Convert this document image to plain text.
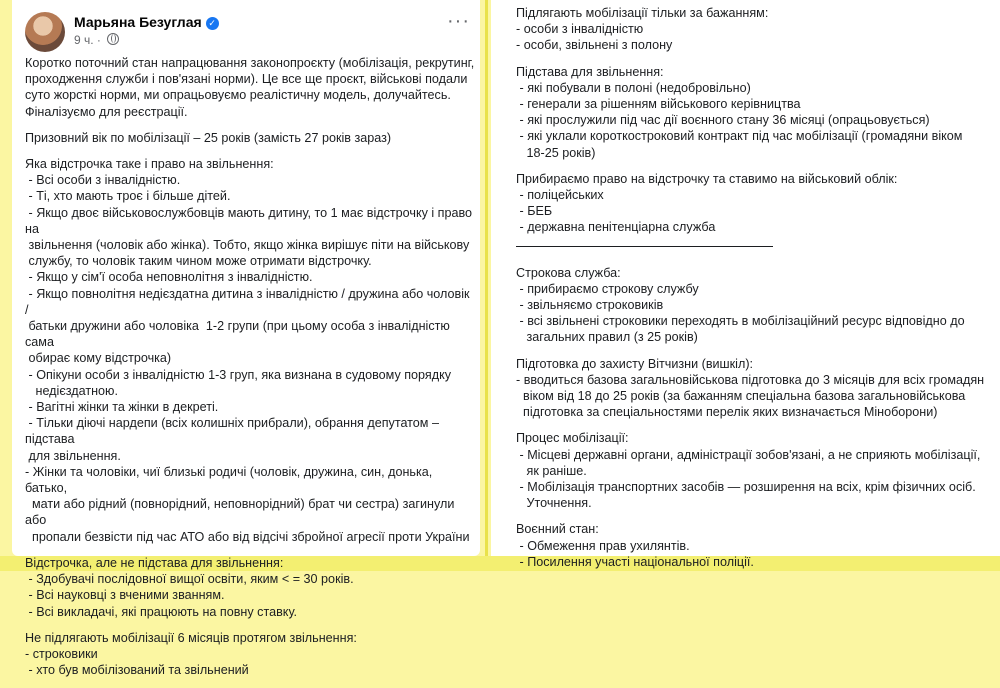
Марьяна Безуглая ✓
9 ч. ·
···
Коротко поточний стан напрацювання законопроєкту (мобілізація, рекрутинг,
проходження служби і пов'язані норми). Це все ще проєкт, військові подали
суто жорсткі норми, ми опрацьовуємо реалістичну модель, долучайтесь.
Фіналізуємо для реєстрації.
Призовний вік по мобілізації – 25 років (замість 27 років зараз)
Яка відстрочка таке і право на звільнення:
- Всі особи з інвалідністю.
- Ті, хто мають троє і більше дітей.
- Якщо двоє військовослужбовців мають дитину, то 1 має відстрочку і право на
звільнення (чоловік або жінка). Тобто, якщо жінка вирішує піти на військову
службу, то чоловік таким чином може отримати відстрочку.
- Якщо у сім'ї особа неповнолітня з інвалідністю.
- Якщо повнолітня недієздатна дитина з інвалідністю / дружина або чоловік /
батьки дружини або чоловіка  1-2 групи (при цьому особа з інвалідністю сама
обирає кому відстрочка)
- Опікуни особи з інвалідністю 1-3 груп, яка визнана в судовому порядку
недієздатною.
- Вагітні жінки та жінки в декреті.
- Тільки діючі нардепи (всіх колишніх прибрали), обрання депутатом – підстава
для звільнення.
- Жінки та чоловіки, чиї близькі родичі (чоловік, дружина, син, донька, батько,
мати або рідний (повнорідний, неповнорідний) брат чи сестра) загинули або
пропали безвісти під час АТО або від відсічі збройної агресії проти України
Відстрочка, але не підстава для звільнення:
- Здобувачі послідовної вищої освіти, яким < = 30 років.
- Всі науковці з вченими званням.
- Всі викладачі, які працюють на повну ставку.
Не підлягають мобілізації 6 місяців протягом звільнення:
- строковики
- хто був мобілізований та звільнений
Підлягають мобілізації тільки за бажанням:
- особи з інвалідністю
- особи, звільнені з полону
Підстава для звільнення:
- які побували в полоні (недобровільно)
- генерали за рішенням військового керівництва
- які прослужили під час дії воєнного стану 36 місяці (опрацьовується)
- які уклали короткостроковий контракт під час мобілізації (громадяни віком
18-25 років)
Прибираємо право на відстрочку та ставимо на військовий облік:
- поліцейських
- БЕБ
- державна пенітенціарна служба
Строкова служба:
- прибираємо строкову службу
- звільняємо строковиків
- всі звільнені строковики переходять в мобілізаційний ресурс відповідно до
загальних правил (з 25 років)
Підготовка до захисту Вітчизни (вишкіл):
- вводиться базова загальновійськова підготовка до 3 місяців для всіх громадян
віком від 18 до 25 років (за бажанням спеціальна базова загальновійськова
підготовка за спеціальностями перелік яких визначається Міноборони)
Процес мобілізації:
- Місцеві державні органи, адміністрації зобов'язані, а не сприяють мобілізації,
як раніше.
- Мобілізація транспортних засобів — розширення на всіх, крім фізичних осіб.
Уточнення.
Воєнний стан:
- Обмеження прав ухилянтів.
- Посилення участі національної поліції.
